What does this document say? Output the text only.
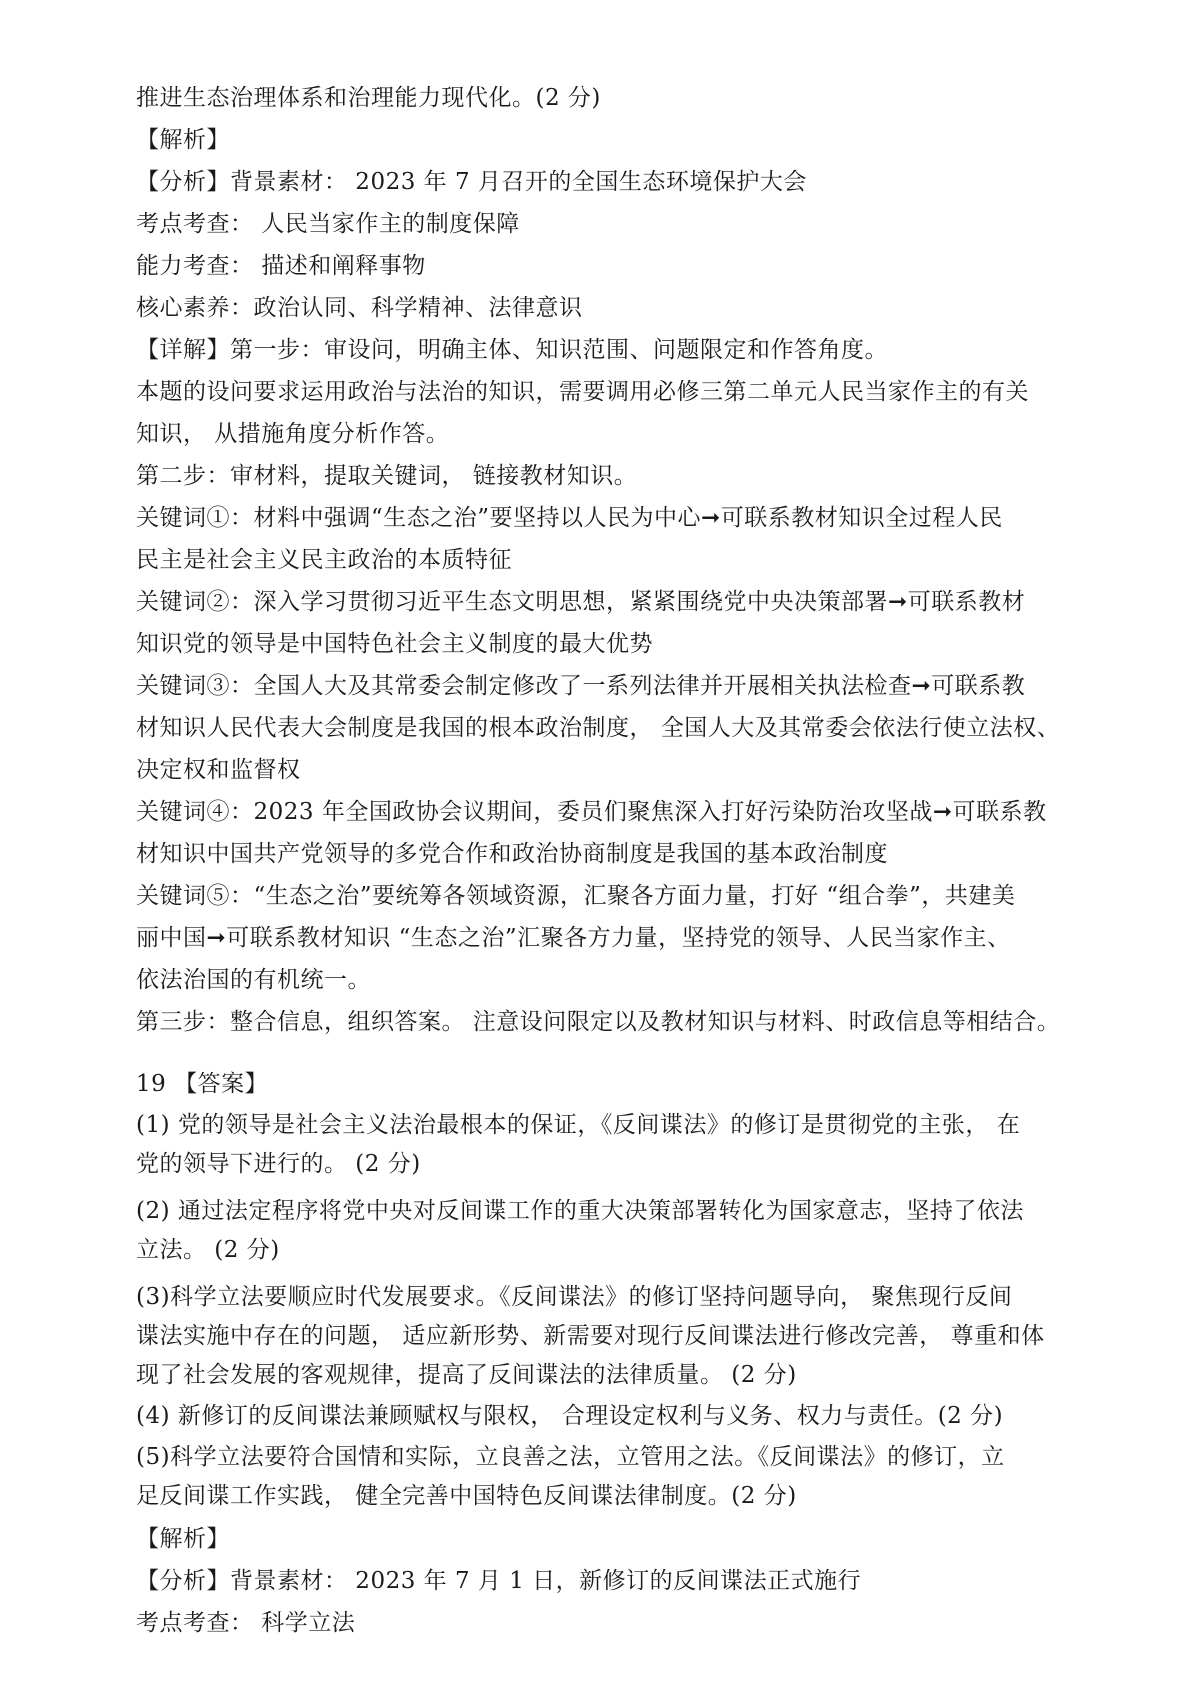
推进生态治理体系和治理能力现代化。(2 分)
【解析】
【分析】背景素材： 2023 年 7 月召开的全国生态环境保护大会
考点考查： 人民当家作主的制度保障
能力考查： 描述和阐释事物
核心素养：政治认同、科学精神、法律意识
【详解】第一步：审设问，明确主体、知识范围、问题限定和作答角度。
本题的设问要求运用政治与法治的知识，需要调用必修三第二单元人民当家作主的有关
知识， 从措施角度分析作答。
第二步：审材料，提取关键词， 链接教材知识。
关键词①：材料中强调“生态之治”要坚持以人民为中心➞可联系教材知识全过程人民
民主是社会主义民主政治的本质特征
关键词②：深入学习贯彻习近平生态文明思想，紧紧围绕党中央决策部署➞可联系教材
知识党的领导是中国特色社会主义制度的最大优势
关键词③：全国人大及其常委会制定修改了一系列法律并开展相关执法检查➞可联系教
材知识人民代表大会制度是我国的根本政治制度， 全国人大及其常委会依法行使立法权、
决定权和监督权
关键词④：2023 年全国政协会议期间，委员们聚焦深入打好污染防治攻坚战➞可联系教
材知识中国共产党领导的多党合作和政治协商制度是我国的基本政治制度
关键词⑤：“生态之治”要统筹各领域资源，汇聚各方面力量，打好 “组合拳”，共建美
丽中国➞可联系教材知识 “生态之治”汇聚各方力量，坚持党的领导、人民当家作主、
依法治国的有机统一。
第三步：整合信息，组织答案。 注意设问限定以及教材知识与材料、时政信息等相结合。
19 【答案】
(1) 党的领导是社会主义法治最根本的保证，《反间谍法》的修订是贯彻党的主张， 在
党的领导下进行的。 (2 分)
(2) 通过法定程序将党中央对反间谍工作的重大决策部署转化为国家意志，坚持了依法
立法。 (2 分)
(3)科学立法要顺应时代发展要求。《反间谍法》的修订坚持问题导向， 聚焦现行反间
谍法实施中存在的问题， 适应新形势、新需要对现行反间谍法进行修改完善， 尊重和体
现了社会发展的客观规律，提高了反间谍法的法律质量。 (2 分)
(4) 新修订的反间谍法兼顾赋权与限权， 合理设定权利与义务、权力与责任。(2 分)
(5)科学立法要符合国情和实际，立良善之法，立管用之法。《反间谍法》的修订，立
足反间谍工作实践， 健全完善中国特色反间谍法律制度。(2 分)
【解析】
【分析】背景素材： 2023 年 7 月 1 日，新修订的反间谍法正式施行
考点考查： 科学立法
